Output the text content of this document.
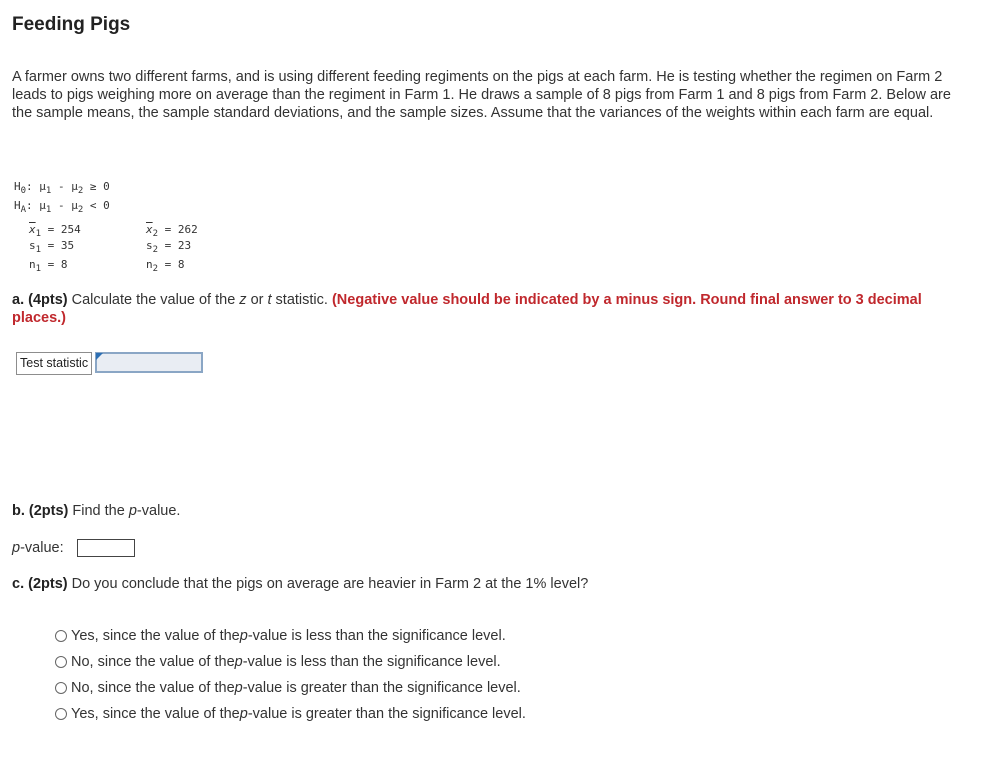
Feeding Pigs
A farmer owns two different farms, and is using different feeding regiments on the pigs at each farm. He is testing whether the regimen on Farm 2 leads to pigs weighing more on average than the regiment in Farm 1. He draws a sample of 8 pigs from Farm 1 and 8 pigs from Farm 2. Below are the sample means, the sample standard deviations, and the sample sizes. Assume that the variances of the weights within each farm are equal.
$H_0$: $\mu_1 - \mu_2 \ge 0$
$H_A$: $\mu_1 - \mu_2 < 0$
$\overline{x}_1 = 254$
$s_1 = 35$
$n_1 = 8$
$\overline{x}_2 = 262$
$s_2 = 23$
$n_2 = 8$
a. (4pts) Calculate the value of the z or t statistic. (Negative value should be indicated by a minus sign. Round final answer to 3 decimal places.)
Test statistic
b. (2pts) Find the p-value.
p-value:
c. (2pts) Do you conclude that the pigs on average are heavier in Farm 2 at the 1% level?
Yes, since the value of the p -value is less than the significance level.
No, since the value of the p -value is less than the significance level.
No, since the value of the p -value is greater than the significance level.
Yes, since the value of the p -value is greater than the significance level.
